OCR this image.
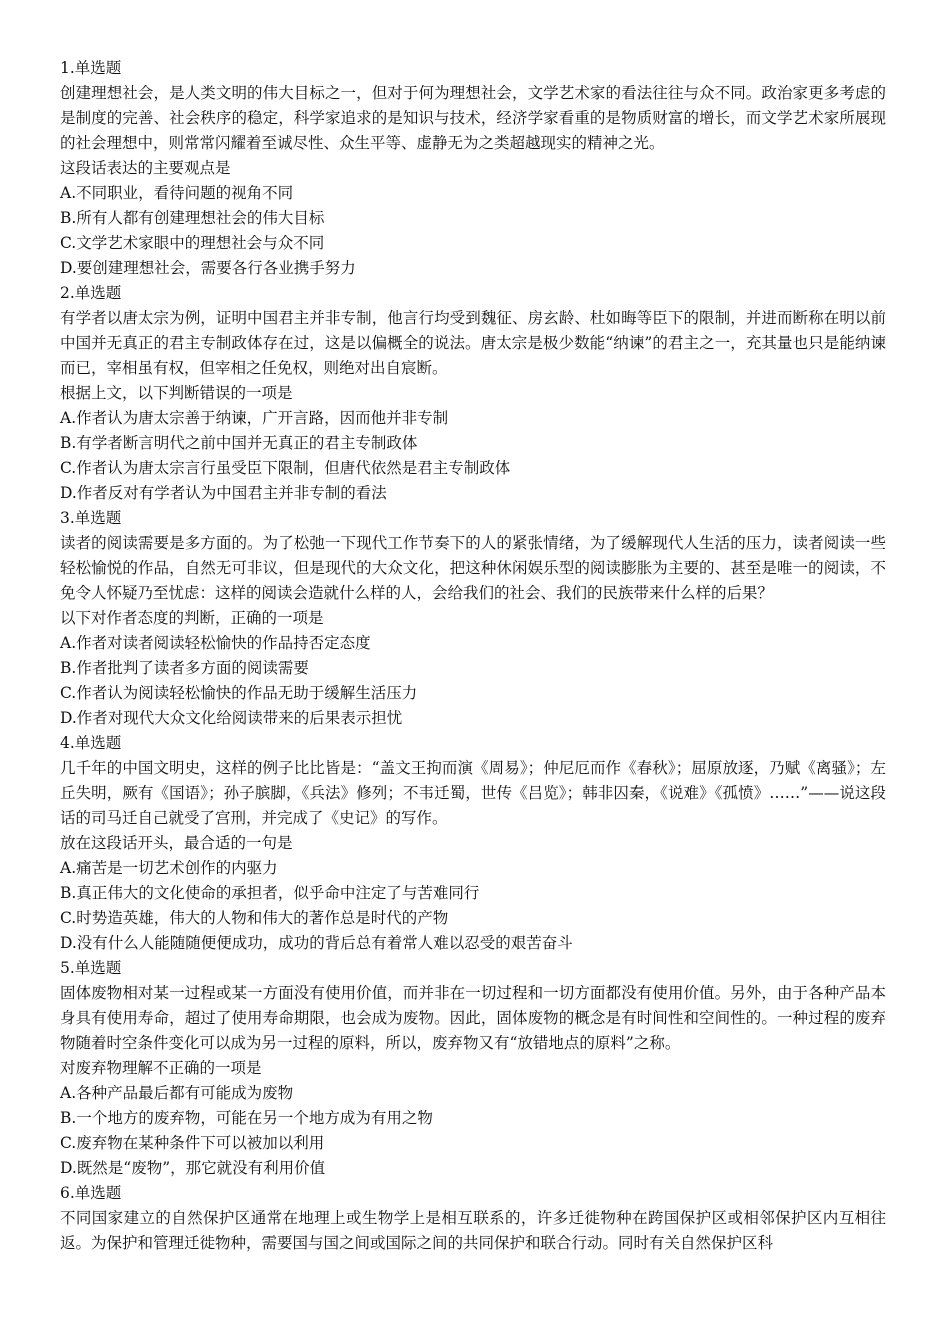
1.单选题
创建理想社会，是人类文明的伟大目标之一，但对于何为理想社会，文学艺术家的看法往往与众不同。政治家更多考虑的是制度的完善、社会秩序的稳定，科学家追求的是知识与技术，经济学家看重的是物质财富的增长，而文学艺术家所展现的社会理想中，则常常闪耀着至诚尽性、众生平等、虚静无为之类超越现实的精神之光。
这段话表达的主要观点是
A.不同职业，看待问题的视角不同
B.所有人都有创建理想社会的伟大目标
C.文学艺术家眼中的理想社会与众不同
D.要创建理想社会，需要各行各业携手努力
2.单选题
有学者以唐太宗为例，证明中国君主并非专制，他言行均受到魏征、房玄龄、杜如晦等臣下的限制，并进而断称在明以前中国并无真正的君主专制政体存在过，这是以偏概全的说法。唐太宗是极少数能“纳谏”的君主之一，充其量也只是能纳谏而已，宰相虽有权，但宰相之任免权，则绝对出自宸断。
根据上文，以下判断错误的一项是
A.作者认为唐太宗善于纳谏，广开言路，因而他并非专制
B.有学者断言明代之前中国并无真正的君主专制政体
C.作者认为唐太宗言行虽受臣下限制，但唐代依然是君主专制政体
D.作者反对有学者认为中国君主并非专制的看法
3.单选题
读者的阅读需要是多方面的。为了松弛一下现代工作节奏下的人的紧张情绪，为了缓解现代人生活的压力，读者阅读一些轻松愉悦的作品，自然无可非议，但是现代的大众文化，把这种休闲娱乐型的阅读膨胀为主要的、甚至是唯一的阅读，不免令人怀疑乃至忧虑：这样的阅读会造就什么样的人，会给我们的社会、我们的民族带来什么样的后果？
以下对作者态度的判断，正确的一项是
A.作者对读者阅读轻松愉快的作品持否定态度
B.作者批判了读者多方面的阅读需要
C.作者认为阅读轻松愉快的作品无助于缓解生活压力
D.作者对现代大众文化给阅读带来的后果表示担忧
4.单选题
几千年的中国文明史，这样的例子比比皆是：“盖文王拘而演《周易》；仲尼厄而作《春秋》；屈原放逐，乃赋《离骚》；左丘失明，厥有《国语》；孙子膑脚，《兵法》修列；不韦迁蜀，世传《吕览》；韩非囚秦，《说难》《孤愤》……”——说这段话的司马迁自己就受了宫刑，并完成了《史记》的写作。
放在这段话开头，最合适的一句是
A.痛苦是一切艺术创作的内驱力
B.真正伟大的文化使命的承担者，似乎命中注定了与苦难同行
C.时势造英雄，伟大的人物和伟大的著作总是时代的产物
D.没有什么人能随随便便成功，成功的背后总有着常人难以忍受的艰苦奋斗
5.单选题
固体废物相对某一过程或某一方面没有使用价值，而并非在一切过程和一切方面都没有使用价值。另外，由于各种产品本身具有使用寿命，超过了使用寿命期限，也会成为废物。因此，固体废物的概念是有时间性和空间性的。一种过程的废弃物随着时空条件变化可以成为另一过程的原料，所以，废弃物又有“放错地点的原料”之称。
对废弃物理解不正确的一项是
A.各种产品最后都有可能成为废物
B.一个地方的废弃物，可能在另一个地方成为有用之物
C.废弃物在某种条件下可以被加以利用
D.既然是“废物”，那它就没有利用价值
6.单选题
不同国家建立的自然保护区通常在地理上或生物学上是相互联系的，许多迁徙物种在跨国保护区或相邻保护区内互相往返。为保护和管理迁徙物种，需要国与国之间或国际之间的共同保护和联合行动。同时有关自然保护区科
